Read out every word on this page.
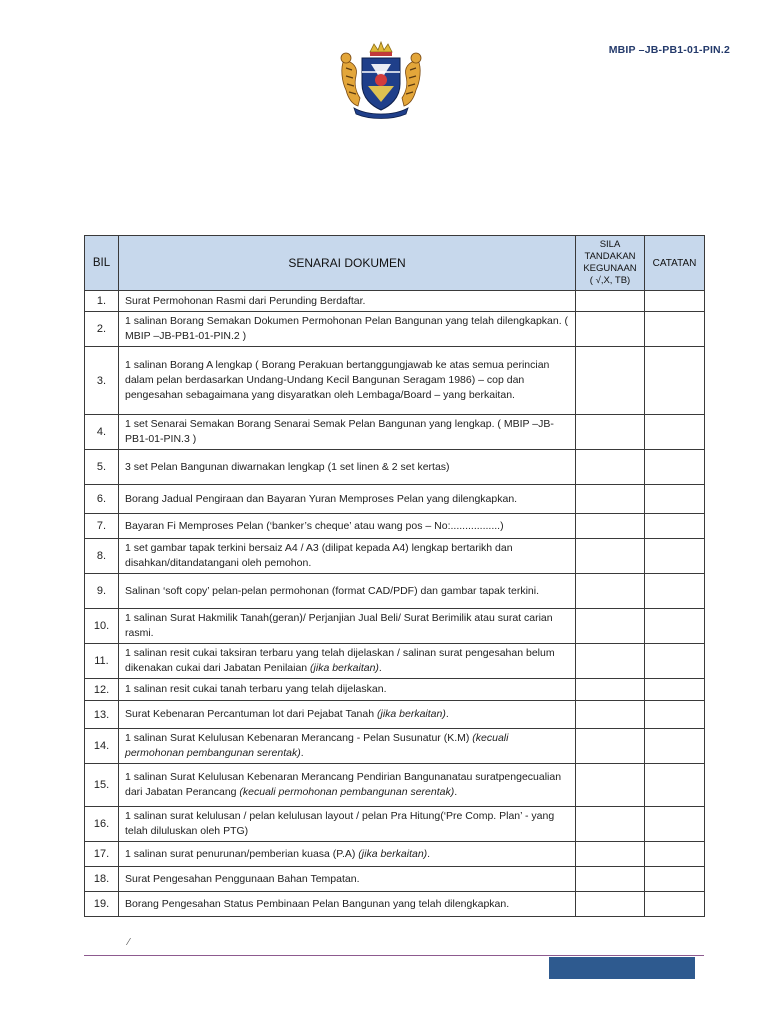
MBIP –JB-PB1-01-PIN.2
BIL	SENARAI DOKUMEN	SILA
TANDAKAN
KEGUNAAN
( √,X, TB)	CATATAN
1.	Surat Permohonan Rasmi dari Perunding Berdaftar.		
2.	1 salinan Borang Semakan Dokumen Permohonan Pelan Bangunan yang telah dilengkapkan. ( MBIP –JB-PB1-01-PIN.2 )		
3.	1 salinan Borang A lengkap ( Borang Perakuan bertanggungjawab ke atas semua perincian dalam pelan berdasarkan Undang-Undang Kecil Bangunan Seragam 1986) – cop dan pengesahan sebagaimana yang disyaratkan oleh Lembaga/Board – yang berkaitan.		
4.	1 set Senarai Semakan Borang Senarai Semak Pelan Bangunan yang lengkap. ( MBIP –JB-PB1-01-PIN.3 )		
5.	3 set Pelan Bangunan diwarnakan lengkap (1 set linen & 2 set kertas)		
6.	Borang Jadual Pengiraan dan Bayaran Yuran Memproses Pelan yang dilengkapkan.		
7.	Bayaran Fi Memproses Pelan (‘banker’s cheque’ atau wang pos – No:.................)		
8.	1 set gambar tapak terkini bersaiz A4 / A3 (dilipat kepada A4) lengkap bertarikh dan disahkan/ditandatangani oleh pemohon.		
9.	Salinan ‘soft copy’ pelan-pelan permohonan (format CAD/PDF) dan gambar tapak terkini.		
10.	1 salinan Surat Hakmilik Tanah(geran)/ Perjanjian Jual Beli/ Surat Berimilik atau surat carian rasmi.		
11.	1 salinan resit cukai taksiran terbaru yang telah dijelaskan / salinan surat pengesahan belum dikenakan cukai dari Jabatan Penilaian (jika berkaitan).		
12.	1 salinan resit cukai tanah terbaru yang telah dijelaskan.		
13.	Surat Kebenaran Percantuman lot dari Pejabat Tanah (jika berkaitan).		
14.	1 salinan Surat Kelulusan Kebenaran Merancang - Pelan Susunatur (K.M) (kecuali permohonan pembangunan serentak).		
15.	1 salinan Surat Kelulusan Kebenaran Merancang Pendirian Bangunanatau suratpengecualian dari Jabatan Perancang (kecuali permohonan pembangunan serentak).		
16.	1 salinan surat kelulusan / pelan kelulusan layout / pelan Pra Hitung(‘Pre Comp. Plan’ - yang telah diluluskan oleh PTG)		
17.	1 salinan surat penurunan/pemberian kuasa (P.A) (jika berkaitan).		
18.	Surat Pengesahan Penggunaan Bahan Tempatan.		
19.	Borang Pengesahan Status Pembinaan Pelan Bangunan yang telah dilengkapkan.		
⁄
